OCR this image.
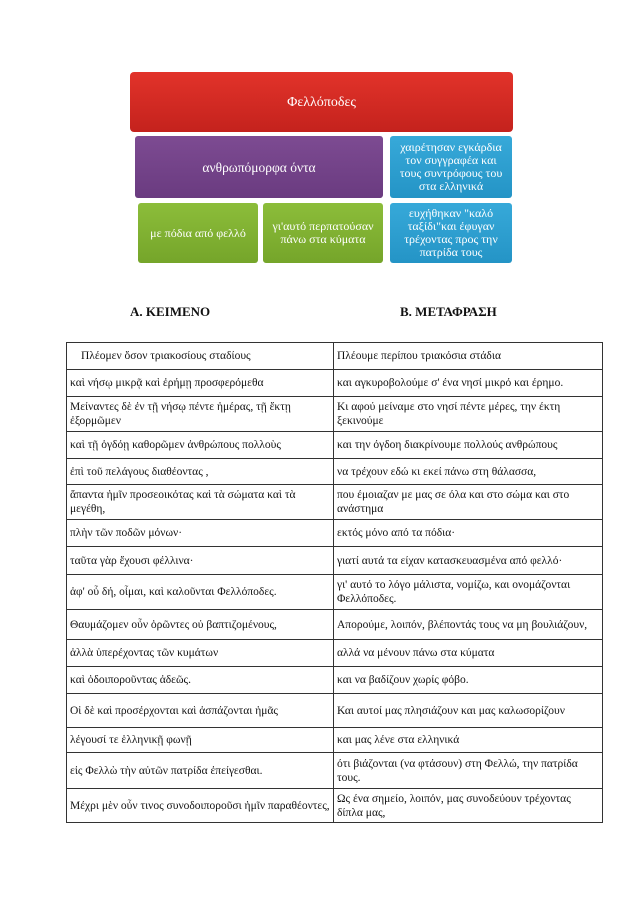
Φελλόποδες
ανθρωπόμορφα όντα
με πόδια από φελλό	γι'αυτό περπατούσαν πάνω στα κύματα
χαιρέτησαν εγκάρδια τον συγγραφέα και τους συντρόφους του στα ελληνικά
ευχήθηκαν "καλό ταξίδι"και έφυγαν τρέχοντας προς την πατρίδα τους
Α. ΚΕΙΜΕΝΟ	Β. ΜΕΤΑΦΡΑΣΗ
Πλέομεν ὅσον τριακοσίους σταδίους	Πλέουμε περίπου τριακόσια στάδια
καὶ νήσῳ μικρᾷ καὶ ἐρήμῃ προσφερόμεθα	και αγκυροβολούμε σ' ένα νησί μικρό και έρημο.
Μείναντες δὲ ἐν τῇ νήσῳ πέντε ἡμέρας, τῇ ἕκτῃ ἐξορμῶμεν	Κι αφού μείναμε στο νησί πέντε μέρες, την έκτη ξεκινούμε
καὶ τῇ ὀγδόῃ καθορῶμεν ἀνθρώπους πολλοὺς	και την όγδοη διακρίνουμε πολλούς ανθρώπους
ἐπὶ τοῦ πελάγους διαθέοντας ,	να τρέχουν εδώ κι εκεί πάνω στη θάλασσα,
ἅπαντα ἡμῖν προσεοικότας καὶ τὰ σώματα καὶ τὰ μεγέθη,	που έμοιαζαν με μας σε όλα και στο σώμα και στο ανάστημα
πλὴν τῶν ποδῶν μόνων·	εκτός μόνο από τα πόδια·
ταῦτα γὰρ ἔχουσι φέλλινα·	γιατί αυτά τα είχαν κατασκευασμένα από φελλό·
ἀφ' οὗ δή, οἶμαι, καὶ καλοῦνται Φελλόποδες.	γι' αυτό το λόγο μάλιστα, νομίζω, και ονομάζονται Φελλόποδες.
Θαυμάζομεν οὖν ὁρῶντες οὐ βαπτιζομένους,	Απορούμε, λοιπόν, βλέποντάς τους να μη βουλιάζουν,
ἀλλὰ ὑπερέχοντας τῶν κυμάτων	αλλά να μένουν πάνω στα κύματα
καὶ ὁδοιποροῦντας ἀδεῶς.	και να βαδίζουν χωρίς φόβο.
Οἱ δὲ καὶ προσέρχονται καὶ ἀσπάζονται ἡμᾶς	Και αυτοί μας πλησιάζουν και μας καλωσορίζουν
λέγουσί τε ἑλληνικῇ φωνῇ	και μας λένε στα ελληνικά
εἰς Φελλὼ τὴν αὐτῶν πατρίδα ἐπείγεσθαι.	ότι βιάζονται (να φτάσουν) στη Φελλώ, την πατρίδα τους.
Μέχρι μὲν οὖν τινος συνοδοιποροῦσι ἡμῖν παραθέοντες,	Ως ένα σημείο, λοιπόν, μας συνοδεύουν τρέχοντας δίπλα μας,
